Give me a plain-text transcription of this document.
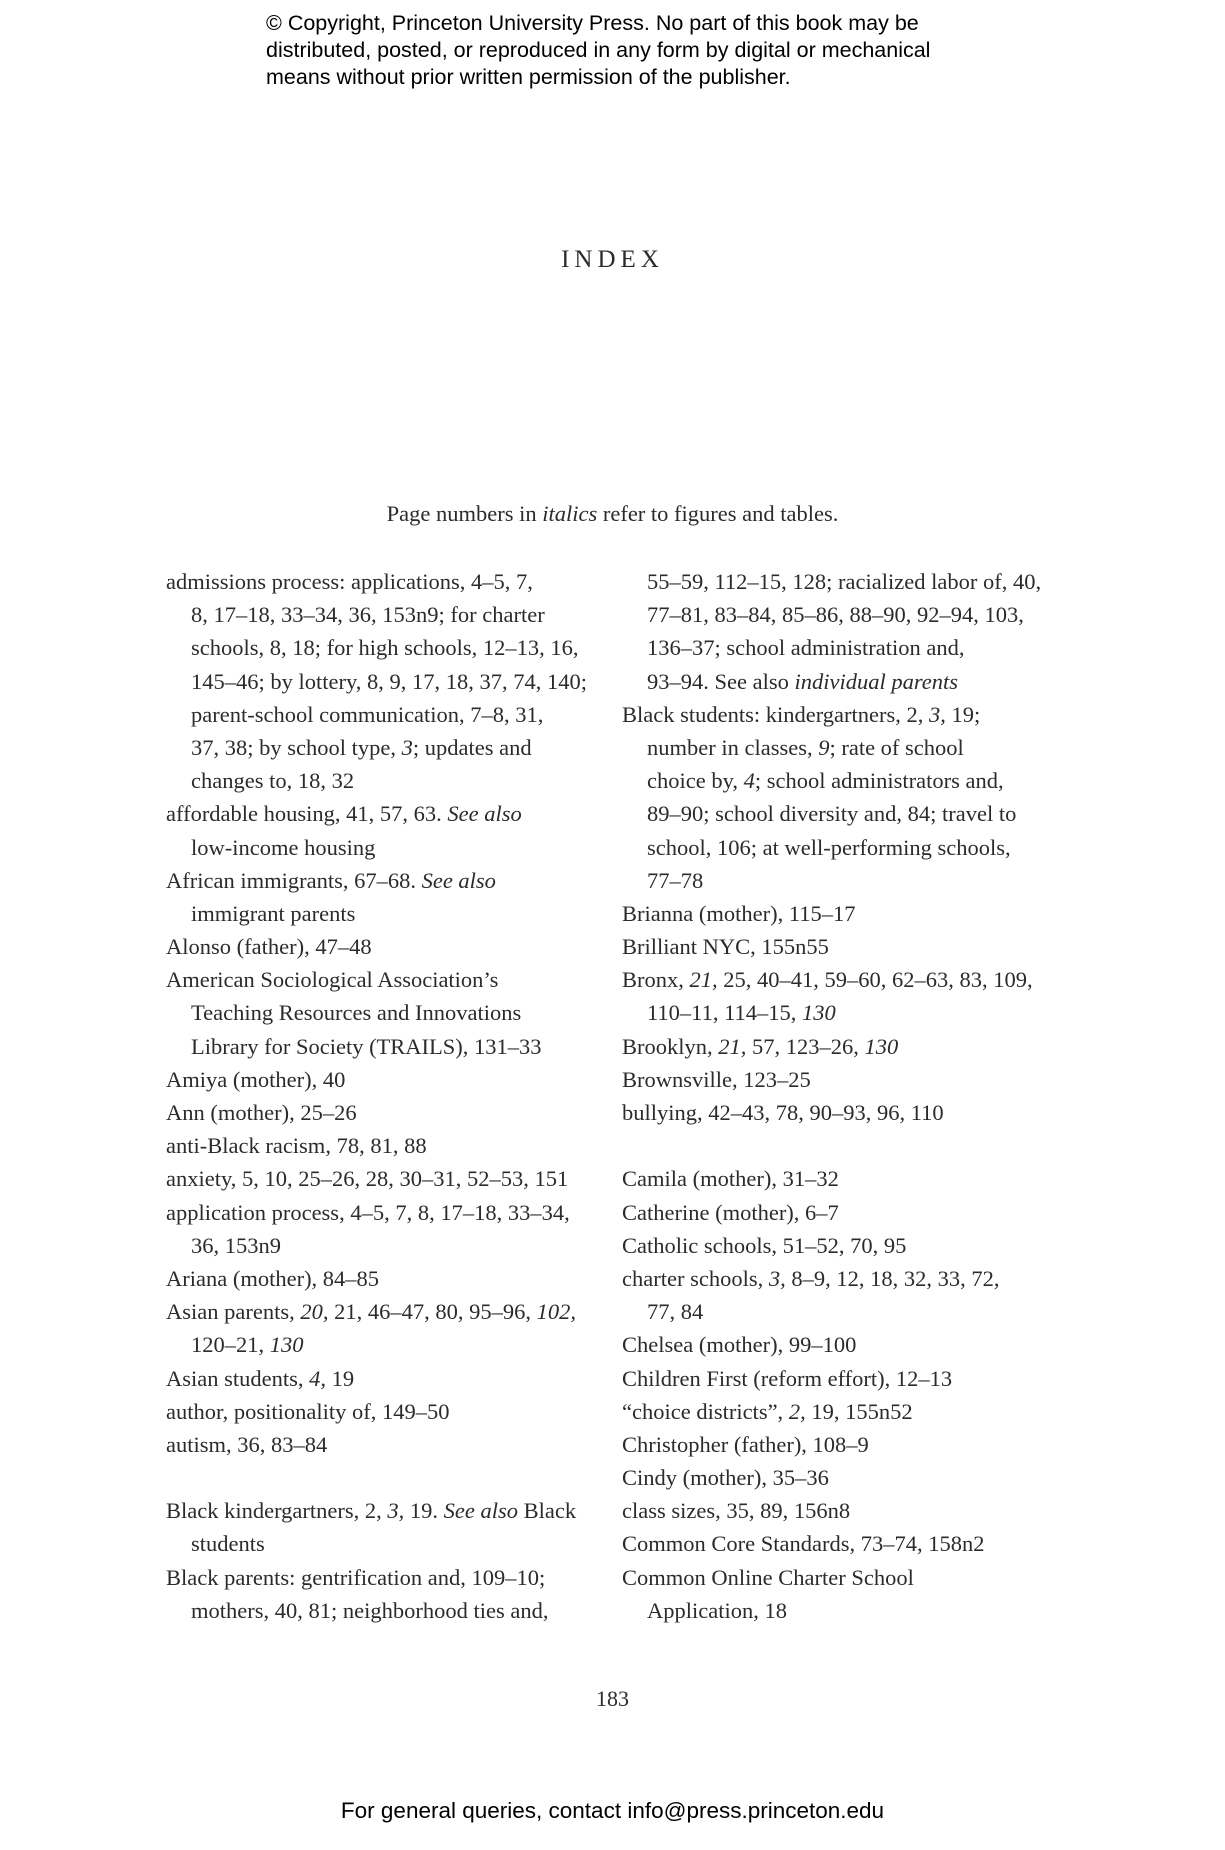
© Copyright, Princeton University Press. No part of this book may be
distributed, posted, or reproduced in any form by digital or mechanical
means without prior written permission of the publisher.
INDEX
Page numbers in italics refer to figures and tables.
admissions process: applications, 4–5, 7,
8, 17–18, 33–34, 36, 153n9; for charter
schools, 8, 18; for high schools, 12–13, 16,
145–46; by lottery, 8, 9, 17, 18, 37, 74, 140;
parent-school communication, 7–8, 31,
37, 38; by school type, 3; updates and
changes to, 18, 32
affordable housing, 41, 57, 63. See also
low-income housing
African immigrants, 67–68. See also
immigrant parents
Alonso (father), 47–48
American Sociological Association’s
Teaching Resources and Innovations
Library for Society (TRAILS), 131–33
Amiya (mother), 40
Ann (mother), 25–26
anti-Black racism, 78, 81, 88
anxiety, 5, 10, 25–26, 28, 30–31, 52–53, 151
application process, 4–5, 7, 8, 17–18, 33–34,
36, 153n9
Ariana (mother), 84–85
Asian parents, 20, 21, 46–47, 80, 95–96, 102,
120–21, 130
Asian students, 4, 19
author, positionality of, 149–50
autism, 36, 83–84
Black kindergartners, 2, 3, 19. See also Black
students
Black parents: gentrification and, 109–10;
mothers, 40, 81; neighborhood ties and,
55–59, 112–15, 128; racialized labor of, 40,
77–81, 83–84, 85–86, 88–90, 92–94, 103,
136–37; school administration and,
93–94. See also individual parents
Black students: kindergartners, 2, 3, 19;
number in classes, 9; rate of school
choice by, 4; school administrators and,
89–90; school diversity and, 84; travel to
school, 106; at well-performing schools,
77–78
Brianna (mother), 115–17
Brilliant NYC, 155n55
Bronx, 21, 25, 40–41, 59–60, 62–63, 83, 109,
110–11, 114–15, 130
Brooklyn, 21, 57, 123–26, 130
Brownsville, 123–25
bullying, 42–43, 78, 90–93, 96, 110
Camila (mother), 31–32
Catherine (mother), 6–7
Catholic schools, 51–52, 70, 95
charter schools, 3, 8–9, 12, 18, 32, 33, 72,
77, 84
Chelsea (mother), 99–100
Children First (reform effort), 12–13
“choice districts”, 2, 19, 155n52
Christopher (father), 108–9
Cindy (mother), 35–36
class sizes, 35, 89, 156n8
Common Core Standards, 73–74, 158n2
Common Online Charter School
Application, 18
183
For general queries, contact info@press.princeton.edu
